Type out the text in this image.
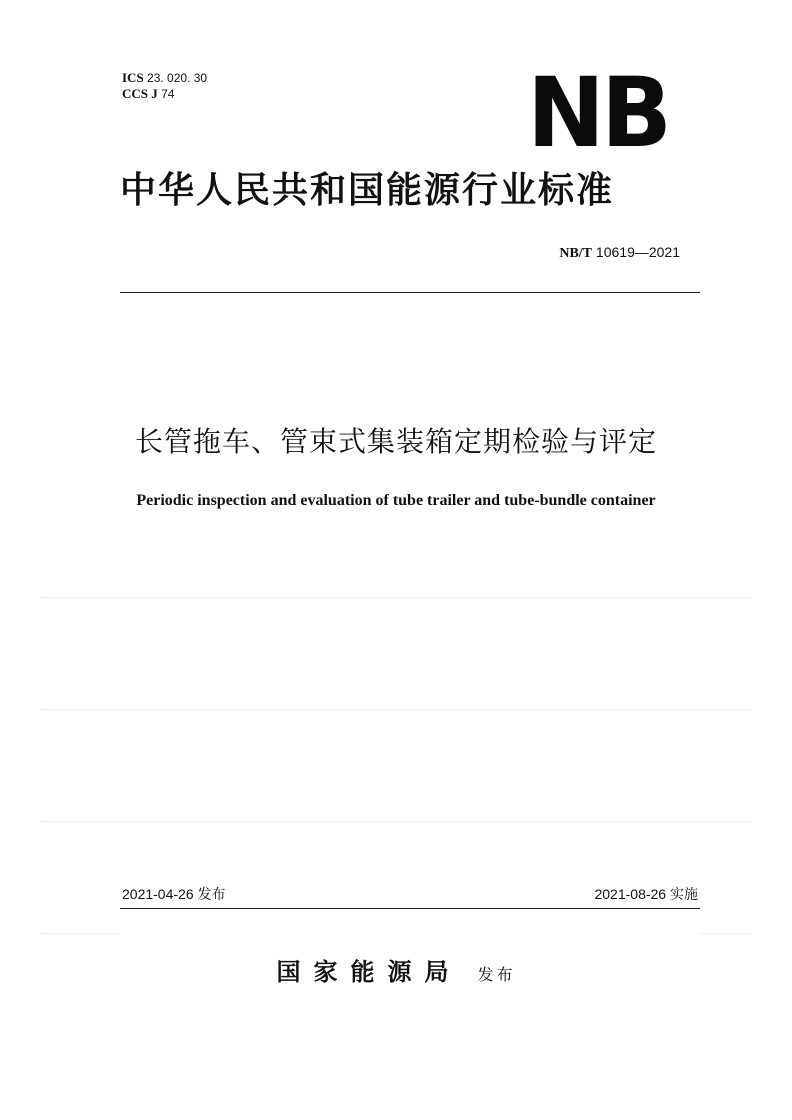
ICS 23. 020. 30
CCS J 74	NB
中华人民共和国能源行业标准
NB/T 10619—2021
长管拖车、管束式集装箱定期检验与评定
Periodic inspection and evaluation of tube trailer and tube-bundle container
2021-04-26 发布	2021-08-26 实施
国家能源局 发布
